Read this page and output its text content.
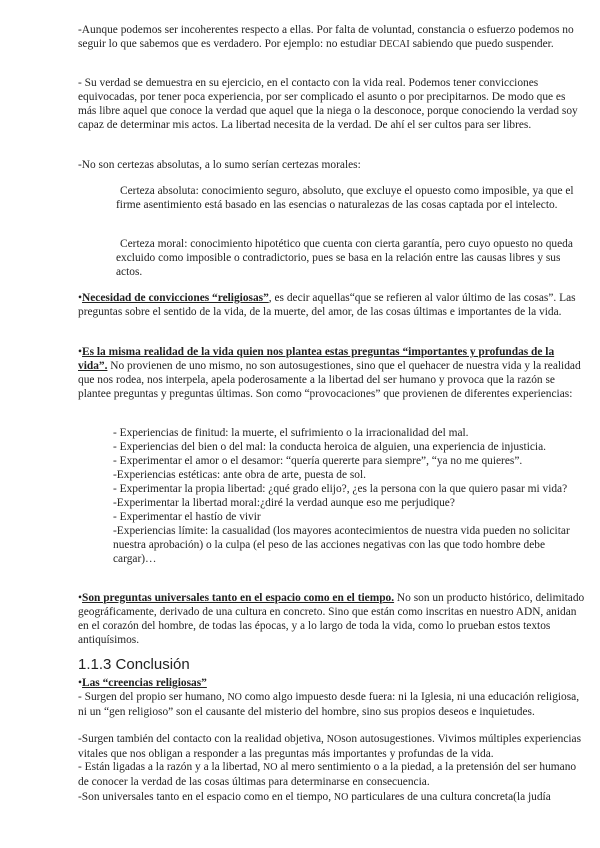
-Aunque podemos ser incoherentes respecto a ellas. Por falta de voluntad, constancia o esfuerzo podemos no seguir lo que sabemos que es verdadero. Por ejemplo: no estudiar DECAI sabiendo que puedo suspender.

- Su verdad se demuestra en su ejercicio, en el contacto con la vida real. Podemos tener convicciones equivocadas, por tener poca experiencia, por ser complicado el asunto o por precipitarnos. De modo que es más libre aquel que conoce la verdad que aquel que la niega o la desconoce, porque conociendo la verdad soy capaz de determinar mis actos. La libertad necesita de la verdad. De ahí el ser cultos para ser libres.

-No son certezas absolutas, a lo sumo serían certezas morales:

Certeza absoluta: conocimiento seguro, absoluto, que excluye el opuesto como imposible, ya que el firme asentimiento está basado en las esencias o naturalezas de las cosas captada por el intelecto.

Certeza moral: conocimiento hipotético que cuenta con cierta garantía, pero cuyo opuesto no queda excluido como imposible o contradictorio, pues se basa en la relación entre las causas libres y sus actos.

•Necesidad de convicciones “religiosas”, es decir aquellas“que se refieren al valor último de las cosas”. Las preguntas sobre el sentido de la vida, de la muerte, del amor, de las cosas últimas e importantes de la vida.

•Es la misma realidad de la vida quien nos plantea estas preguntas “importantes y profundas de la vida”. No provienen de uno mismo, no son autosugestiones, sino que el quehacer de nuestra vida y la realidad que nos rodea, nos interpela, apela poderosamente a la libertad del ser humano y provoca que la razón se plantee preguntas y preguntas últimas. Son como “provocaciones” que provienen de diferentes experiencias:

- Experiencias de finitud: la muerte, el sufrimiento o la irracionalidad del mal.
- Experiencias del bien o del mal: la conducta heroica de alguien, una experiencia de injusticia.
- Experimentar el amor o el desamor: “quería quererte para siempre”, “ya no me quieres”.
-Experiencias estéticas: ante obra de arte, puesta de sol.
- Experimentar la propia libertad: ¿qué grado elijo?, ¿es la persona con la que quiero pasar mi vida?
-Experimentar la libertad moral:¿diré la verdad aunque eso me perjudique?
- Experimentar el hastío de vivir
-Experiencias límite: la casualidad (los mayores acontecimientos de nuestra vida pueden no solicitar nuestra aprobación) o la culpa (el peso de las acciones negativas con las que todo hombre debe cargar)…

•Son preguntas universales tanto en el espacio como en el tiempo. No son un producto histórico, delimitado geográficamente, derivado de una cultura en concreto. Sino que están como inscritas en nuestro ADN, anidan en el corazón del hombre, de todas las épocas, y a lo largo de toda la vida, como lo prueban estos textos antiquísimos.

1.1.3 Conclusión

•Las “creencias religiosas”

- Surgen del propio ser humano, NO como algo impuesto desde fuera: ni la Iglesia, ni una educación religiosa, ni un “gen religioso” son el causante del misterio del hombre, sino sus propios deseos e inquietudes.

-Surgen también del contacto con la realidad objetiva, NOson autosugestiones. Vivimos múltiples experiencias vitales que nos obligan a responder a las preguntas más importantes y profundas de la vida.

- Están ligadas a la razón y a la libertad, NO al mero sentimiento o a la piedad, a la pretensión del ser humano de conocer la verdad de las cosas últimas para determinarse en consecuencia.

-Son universales tanto en el espacio como en el tiempo, NO particulares de una cultura concreta(la judía
